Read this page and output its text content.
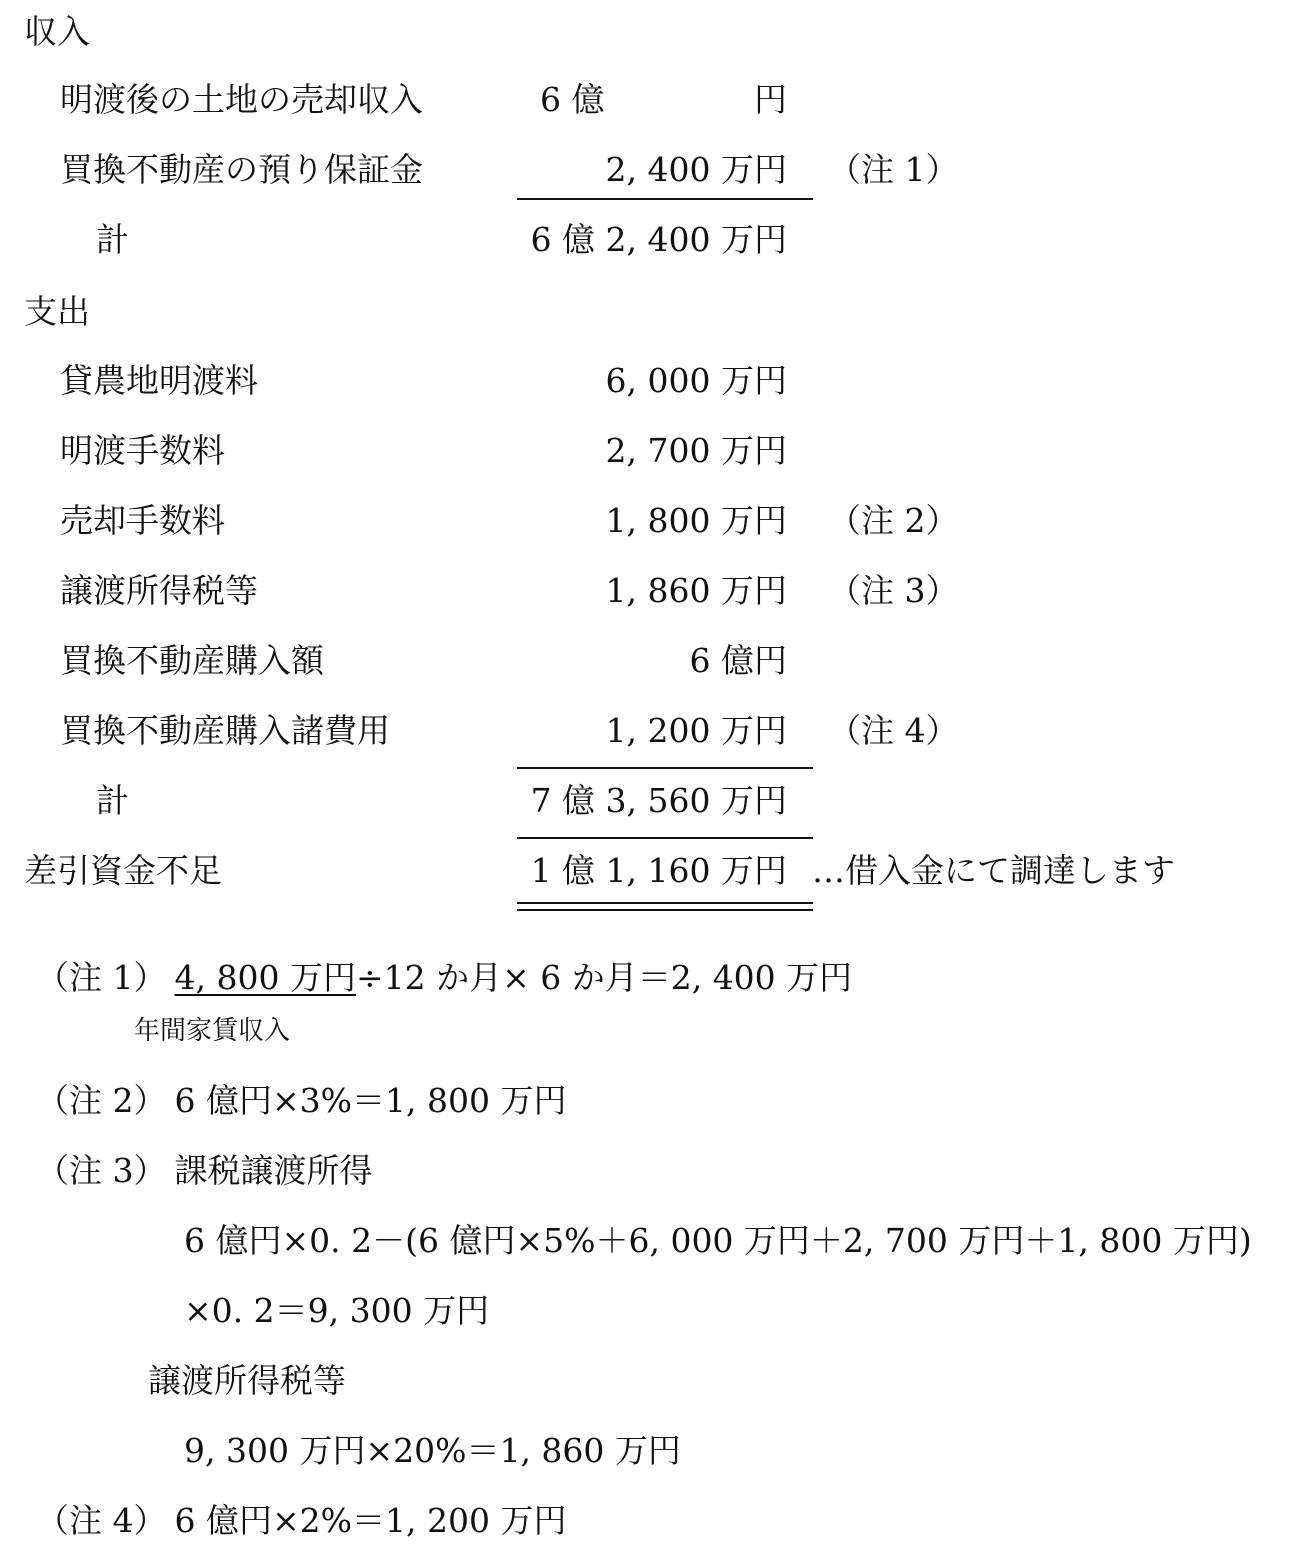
収入
明渡後の土地の売却収入	6 億	円
買換不動産の預り保証金	2, 400 万円 （注 1）
計	6 億 2, 400 万円
支出
貸農地明渡料	6, 000 万円
明渡手数料	2, 700 万円
売却手数料	1, 800 万円 （注 2）
譲渡所得税等	1, 860 万円 （注 3）
買換不動産購入額	6 億円
買換不動産購入諸費用	1, 200 万円 （注 4）
計	7 億 3, 560 万円
差引資金不足	1 億 1, 160 万円 …借入金にて調達します
（注 1） 4, 800 万円÷12 か月× 6 か月＝2, 400 万円
年間家賃収入
（注 2） 6 億円×3%＝1, 800 万円
（注 3） 課税譲渡所得
6 億円×0. 2－(6 億円×5%＋6, 000 万円＋2, 700 万円＋1, 800 万円)
×0. 2＝9, 300 万円
譲渡所得税等
9, 300 万円×20%＝1, 860 万円
（注 4） 6 億円×2%＝1, 200 万円
